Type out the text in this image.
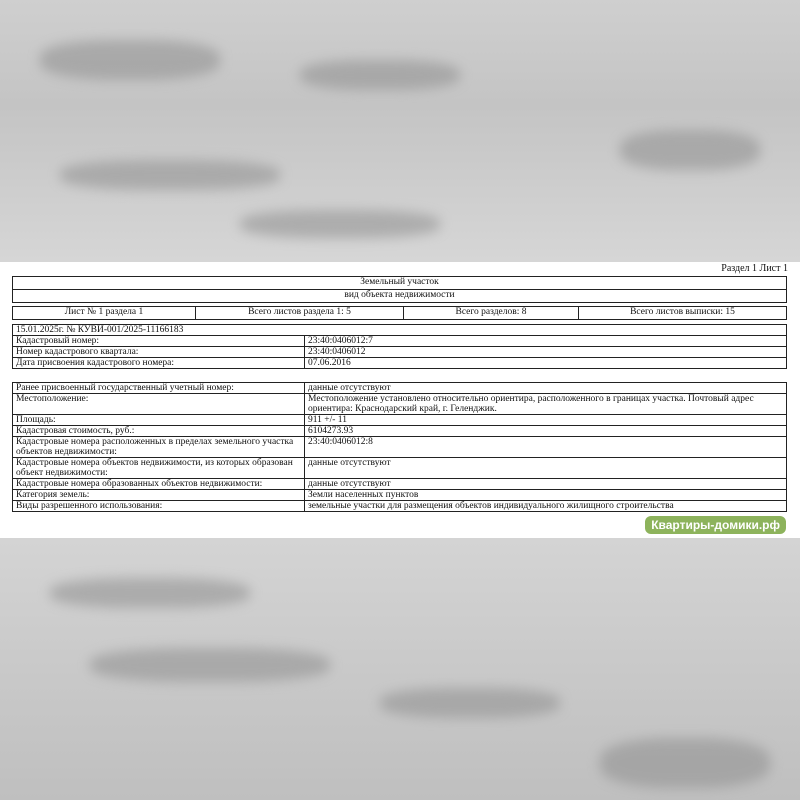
Раздел 1 Лист 1
Земельный участок
вид объекта недвижимости
Лист № 1 раздела 1	Всего листов раздела 1: 5	Всего разделов: 8	Всего листов выписки: 15
15.01.2025г. № КУВИ-001/2025-11166183	
Кадастровый номер:	23:40:0406012:7
Номер кадастрового квартала:	23:40:0406012
Дата присвоения кадастрового номера:	07.06.2016
Ранее присвоенный государственный учетный номер:	данные отсутствуют
Местоположение:	Местоположение установлено относительно ориентира, расположенного в границах участка. Почтовый адрес ориентира: Краснодарский край, г. Геленджик.
Площадь:	911 +/- 11
Кадастровая стоимость, руб.:	6104273.93
Кадастровые номера расположенных в пределах земельного участка объектов недвижимости:	23:40:0406012:8
Кадастровые номера объектов недвижимости, из которых образован объект недвижимости:	данные отсутствуют
Кадастровые номера образованных объектов недвижимости:	данные отсутствуют
Категория земель:	Земли населенных пунктов
Виды разрешенного использования:	земельные участки для размещения объектов индивидуального жилищного строительства
Квартиры-домики.рф
